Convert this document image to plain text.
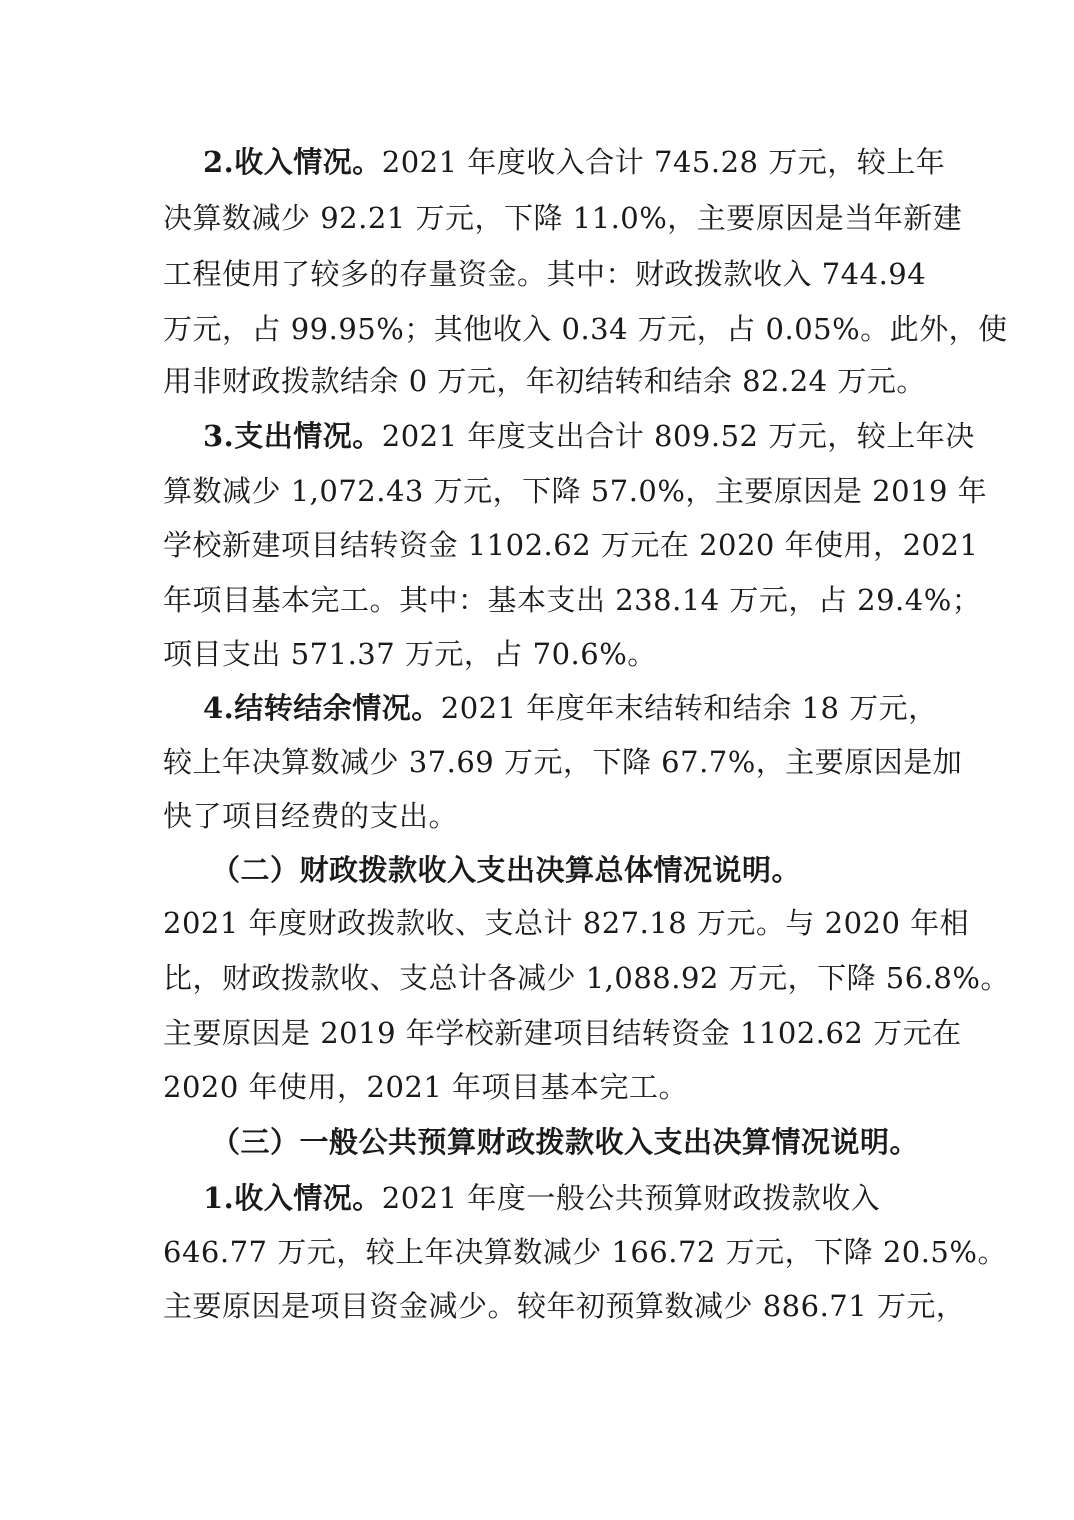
2.收入情况。2021 年度收入合计 745.28 万元，较上年
决算数减少 92.21 万元，下降 11.0%，主要原因是当年新建
工程使用了较多的存量资金。其中：财政拨款收入 744.94
万元，占 99.95%；其他收入 0.34 万元，占 0.05%。此外，使
用非财政拨款结余 0 万元，年初结转和结余 82.24 万元。
3.支出情况。2021 年度支出合计 809.52 万元，较上年决
算数减少 1,072.43 万元，下降 57.0%，主要原因是 2019 年
学校新建项目结转资金 1102.62 万元在 2020 年使用，2021
年项目基本完工。其中：基本支出 238.14 万元，占 29.4%；
项目支出 571.37 万元，占 70.6%。
4.结转结余情况。2021 年度年末结转和结余 18 万元，
较上年决算数减少 37.69 万元，下降 67.7%，主要原因是加
快了项目经费的支出。
（二）财政拨款收入支出决算总体情况说明。
2021 年度财政拨款收、支总计 827.18 万元。与 2020 年相
比，财政拨款收、支总计各减少 1,088.92 万元，下降 56.8%。
主要原因是 2019 年学校新建项目结转资金 1102.62 万元在
2020 年使用，2021 年项目基本完工。
（三）一般公共预算财政拨款收入支出决算情况说明。
1.收入情况。2021 年度一般公共预算财政拨款收入
646.77 万元，较上年决算数减少 166.72 万元，下降 20.5%。
主要原因是项目资金减少。较年初预算数减少 886.71 万元，
